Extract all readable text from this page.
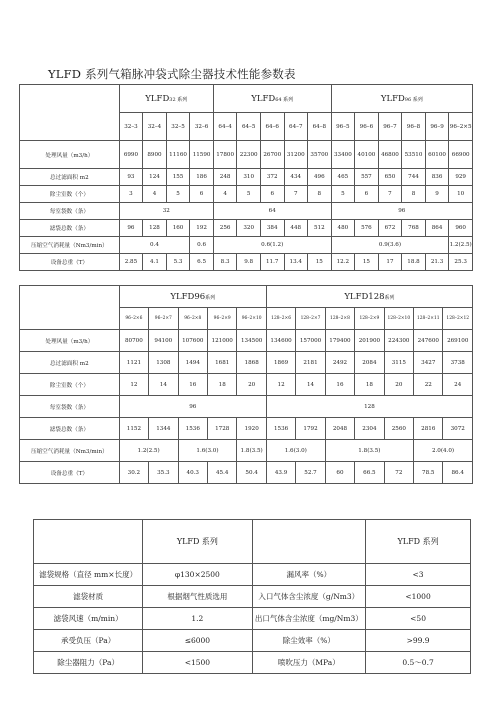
YLFD 系列气箱脉冲袋式除尘器技术性能参数表
	YLFD32 系列				YLFD64 系列					YLFD96 系列					
	32–3	32–4	32–5	32–6	64–4	64–5	64–6	64–7	64–8	96–5	96–6	96–7	96–8	96–9	96–2×5
处理风量（m3/h）	6990	8900	11160	11590	17800	22300	26700	31200	35700	33400	40100	46800	53510	60100	66900
总过滤面积 m2	93	124	155	186	248	310	372	434	496	465	557	650	744	836	929
除尘室数（个）	3	4	5	6	4	5	6	7	8	5	6	7	8	9	10
每室袋数（条）	32				64					96					
滤袋总数（条）	96	128	160	192	256	320	384	448	512	480	576	672	768	864	960
压缩空气消耗量（Nm3/min）	0.4			0.6	0.6(1.2)					0.9(3.6)					1.2(2.5)
设备总重（T）	2.85	4.1	5.3	6.5	8.3	9.8	11.7	13.4	15	12.2	15	17	18.8	21.3	25.3
	YLFD96系列					YLFD128系列						
	96–2×6	96–2×7	96–2×8	96–2×9	96–2×10	128–2×6	128–2×7	128–2×8	128–2×9	128–2×10	128–2×11	128–2×12
处理风量（m3/h）	80700	94100	107600	121000	134500	134600	157000	179400	201900	224300	247600	269100
总过滤面积 m2	1121	1308	1494	1681	1868	1869	2181	2492	2084	3115	3427	3738
除尘室数（个）	12	14	16	18	20	12	14	16	18	20	22	24
每室袋数（条）	96					128						
滤袋总数（条）	1152	1344	1536	1728	1920	1536	1792	2048	2304	2560	2816	3072
压缩空气消耗量（Nm3/min）	1.2(2.5)		1.6(3.0)		1.8(3.5)	1.6(3.0)		1.8(3.5)			2.0(4.0)	
设备总重（T）	30.2	35.3	40.3	45.4	50.4	43.9	52.7	60	66.5	72	78.5	86.4
	YLFD 系列		YLFD 系列
滤袋规格（直径 mm×长度）	φ130×2500	漏风率（%）	<3
滤袋材质	根据烟气性质选用	入口气体含尘浓度（g/Nm3）	<1000
滤袋风速（m/min）	1.2	出口气体含尘浓度（mg/Nm3）	<50
承受负压（Pa）	≤6000	除尘效率（%）	>99.9
除尘器阻力（Pa）	<1500	喷吹压力（MPa）	0.5～0.7
